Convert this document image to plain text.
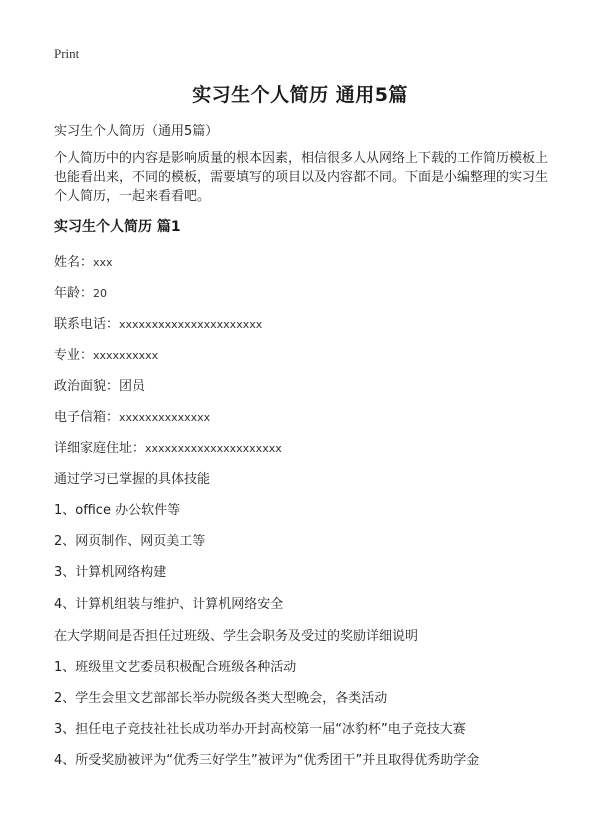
Print
实习生个人简历 通用5篇
实习生个人简历（通用5篇）
个人简历中的内容是影响质量的根本因素，相信很多人从网络上下载的工作简历模板上也能看出来，不同的模板，需要填写的项目以及内容都不同。下面是小编整理的实习生个人简历，一起来看看吧。
实习生个人简历 篇1
姓名：xxx
年龄：20
联系电话：xxxxxxxxxxxxxxxxxxxxxx
专业：xxxxxxxxxx
政治面貌：团员
电子信箱：xxxxxxxxxxxxxx
详细家庭住址：xxxxxxxxxxxxxxxxxxxxx
通过学习已掌握的具体技能
1、office 办公软件等
2、网页制作、网页美工等
3、计算机网络构建
4、计算机组装与维护、计算机网络安全
在大学期间是否担任过班级、学生会职务及受过的奖励详细说明
1、班级里文艺委员积极配合班级各种活动
2、学生会里文艺部部长举办院级各类大型晚会，各类活动
3、担任电子竞技社社长成功举办开封高校第一届“冰豹杯”电子竞技大赛
4、所受奖励被评为“优秀三好学生”被评为“优秀团干”并且取得优秀助学金
